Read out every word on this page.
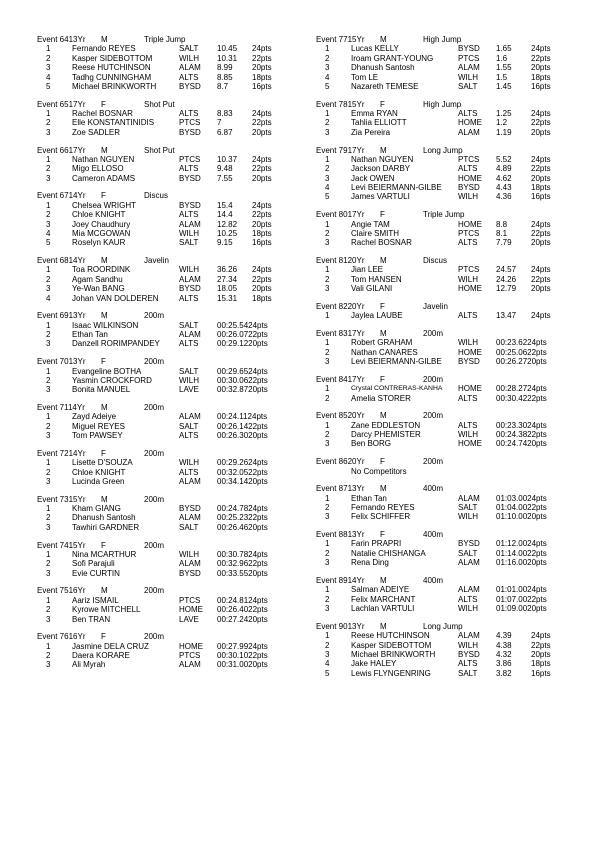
Event 6413Yr M	Triple Jump
1	Fernando REYES	SALT 10.45 24pts
2	Kasper SIDEBOTTOM	WILH 10.31 22pts
3	Reese HUTCHINSON	ALAM 8.99 20pts
4	Tadhg CUNNINGHAM	ALTS 8.85 18pts
5	Michael BRINKWORTH	BYSD 8.7	16pts
Event 6517Yr F	Shot Put
1	Rachel BOSNAR	ALTS 8.83 24pts
2	Elle KONSTANTINIDIS	PTCS 7	22pts
3	Zoe SADLER	BYSD 6.87 20pts
Event 6617Yr M	Shot Put
1	Nathan NGUYEN	PTCS 10.37 24pts
2	Migo ELLOSO	ALTS 9.48 22pts
3	Cameron ADAMS	BYSD 7.55 20pts
Event 6714Yr F	Discus
1	Chelsea WRIGHT	BYSD 15.4 24pts
2	Chloe KNIGHT	ALTS 14.4 22pts
3	Joey Chaudhury	ALAM 12.82 20pts
4	Mia MCGOWAN	WILH 10.25 18pts
5	Roselyn KAUR	SALT 9.15 16pts
Event 6814Yr M	Javelin
1	Toa ROORDINK	WILH 36.26 24pts
2	Agam Sandhu	ALAM 27.34 22pts
3	Ye-Wan BANG	BYSD 18.05 20pts
4	Johan VAN DOLDEREN	ALTS 15.31 18pts
Event 6913Yr M	200m
1	Isaac WILKINSON	SALT 00:25.5424pts
2	Ethan Tan	ALAM 00:26.0722pts
3	Danzell RORIMPANDEY ALTS 00:29.1220pts
Event 7013Yr F	200m
1	Evangeline BOTHA	SALT 00:29.6524pts
2	Yasmin CROCKFORD	WILH 00:30.0622pts
3	Bonita MANUEL	LAVE 00:32.8720pts
Event 7114Yr M	200m
1	Zayd Adeiye	ALAM 00:24.1124pts
2	Miguel REYES	SALT 00:26.1422pts
3	Tom PAWSEY	ALTS 00:26.3020pts
Event 7214Yr F	200m
1	Lisette D'SOUZA	WILH 00:29.2624pts
2	Chloe KNIGHT	ALTS 00:32.0522pts
3	Lucinda Green	ALAM 00:34.1420pts
Event 7315Yr M	200m
1	Kham GIANG	BYSD 00:24.7824pts
2	Dhanush Santosh	ALAM 00:25.2322pts
3	Tawhiri GARDNER	SALT 00:26.4620pts
Event 7415Yr F	200m
1	Nina MCARTHUR	WILH 00:30.7824pts
2	Sofi Parajuli	ALAM 00:32.9622pts
3	Evie CURTIN	BYSD 00:33.5520pts
Event 7516Yr M	200m
1	Aariz ISMAIL	PTCS 00:24.8124pts
2	Kyrowe MITCHELL	HOME 00:26.4022pts
3	Ben TRAN	LAVE 00:27.2420pts
Event 7616Yr F	200m
1	Jasmine DELA CRUZ	HOME 00:27.9924pts
2	Daera KORARE	PTCS 00:30.1022pts
3	Ali Myrah	ALAM 00:31.0020pts
Event 7715Yr M	High Jump
1	Lucas KELLY	BYSD 1.65 24pts
2	Iroam GRANT-YOUNG	PTCS 1.6	22pts
3	Dhanush Santosh	ALAM 1.55 20pts
4	Tom LE	WILH 1.5	18pts
5	Nazareth TEMESE	SALT 1.45 16pts
Event 7815Yr F	High Jump
1	Emma RYAN	ALTS 1.25 24pts
2	Tahlia ELLIOTT	HOME 1.2	22pts
3	Zia Pereira	ALAM 1.19 20pts
Event 7917Yr M	Long Jump
1	Nathan NGUYEN	PTCS 5.52 24pts
2	Jackson DARBY	ALTS 4.89 22pts
3	Jack OWEN	HOME 4.62 20pts
4	Levi BEIERMANN-GILBE BYSD 4.43 18pts
5	James VARTULI	WILH 4.36 16pts
Event 8017Yr F	Triple Jump
1	Angie TAM	HOME 8.8	24pts
2	Claire SMITH	PTCS 8.1	22pts
3	Rachel BOSNAR	ALTS 7.79 20pts
Event 8120Yr M	Discus
1	Jian LEE	PTCS 24.57 24pts
2	Tom HANSEN	WILH 24.26 22pts
3	Vali GILANI	HOME 12.79 20pts
Event 8220Yr F	Javelin
1	Jaylea LAUBE	ALTS 13.47 24pts
Event 8317Yr M	200m
1	Robert GRAHAM	WILH 00:23.6224pts
2	Nathan CANARES	HOME 00:25.0622pts
3	Levi BEIERMANN-GILBE BYSD 00:26.2720pts
Event 8417Yr F	200m
1	Crystal CONTRERAS-KANHA HOME 00:28.2724pts
2	Amelia STORER	ALTS 00:30.4222pts
Event 8520Yr M	200m
1	Zane EDDLESTON	ALTS 00:23.3024pts
2	Darcy PHEMISTER	WILH 00:24.3822pts
3	Ben BORG	HOME 00:24.7420pts
Event 8620Yr F	200m
No Competitors
Event 8713Yr M	400m
1	Ethan Tan	ALAM 01:03.0024pts
2	Fernando REYES	SALT 01:04.0022pts
3	Felix SCHIFFER	WILH 01:10.0020pts
Event 8813Yr F	400m
1	Farin PRAPRI	BYSD 01:12.0024pts
2	Natalie CHISHANGA	SALT 01:14.0022pts
3	Rena Ding	ALAM 01:16.0020pts
Event 8914Yr M	400m
1	Salman ADEIYE	ALAM 01:01.0024pts
2	Felix MARCHANT	ALTS 01:07.0022pts
3	Lachlan VARTULI	WILH 01:09.0020pts
Event 9013Yr M	Long Jump
1	Reese HUTCHINSON	ALAM 4.39 24pts
2	Kasper SIDEBOTTOM	WILH 4.38 22pts
3	Michael BRINKWORTH	BYSD 4.32 20pts
4	Jake HALEY	ALTS 3.86 18pts
5	Lewis FLYNGENRING	SALT 3.82 16pts
